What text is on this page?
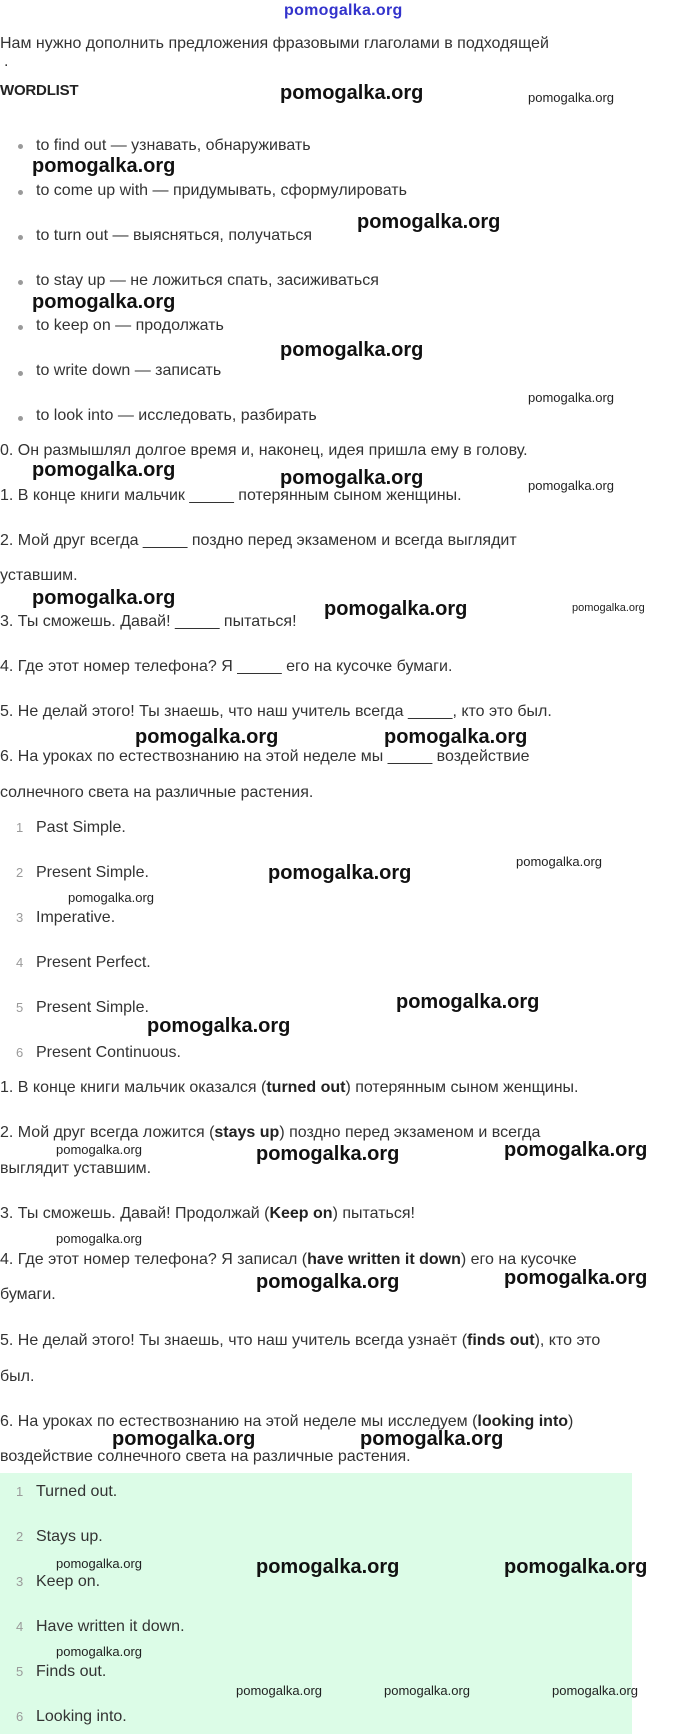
pomogalka.org
Нам нужно дополнить предложения фразовыми глаголами в подходящей
.
WORDLIST
to find out — узнавать, обнаруживать
to come up with — придумывать, сформулировать
to turn out — выясняться, получаться
to stay up — не ложиться спать, засиживаться
to keep on — продолжать
to write down — записать
to look into — исследовать, разбирать
0. Он размышлял долгое время и, наконец, идея пришла ему в голову.
1. В конце книги мальчик _____ потерянным сыном женщины.
2. Мой друг всегда _____ поздно перед экзаменом и всегда выглядит
уставшим.
3. Ты сможешь. Давай! _____ пытаться!
4. Где этот номер телефона? Я _____ его на кусочке бумаги.
5. Не делай этого! Ты знаешь, что наш учитель всегда _____, кто это был.
6. На уроках по естествознанию на этой неделе мы _____ воздействие
солнечного света на различные растения.
1 Past Simple.
2 Present Simple.
3 Imperative.
4 Present Perfect.
5 Present Simple.
6 Present Continuous.
1. В конце книги мальчик оказался (turned out) потерянным сыном женщины.
2. Мой друг всегда ложится (stays up) поздно перед экзаменом и всегда
выглядит уставшим.
3. Ты сможешь. Давай! Продолжай (Keep on) пытаться!
4. Где этот номер телефона? Я записал (have written it down) его на кусочке
бумаги.
5. Не делай этого! Ты знаешь, что наш учитель всегда узнаёт (finds out), кто это
был.
6. На уроках по естествознанию на этой неделе мы исследуем (looking into)
воздействие солнечного света на различные растения.
1 Turned out.
2 Stays up.
3 Keep on.
4 Have written it down.
5 Finds out.
6 Looking into.
pomogalka.org	pomogalka.org
pomogalka.org
pomogalka.org
pomogalka.org
pomogalka.org
pomogalka.org
pomogalka.org	pomogalka.org	pomogalka.org
pomogalka.org	pomogalka.org	pomogalka.org
pomogalka.org	pomogalka.org
pomogalka.org
pomogalka.org
pomogalka.org
pomogalka.org
pomogalka.org
pomogalka.org	pomogalka.org	pomogalka.org
pomogalka.org
pomogalka.org	pomogalka.org
pomogalka.org	pomogalka.org
pomogalka.org	pomogalka.org	pomogalka.org
pomogalka.org
pomogalka.org	pomogalka.org	pomogalka.org
